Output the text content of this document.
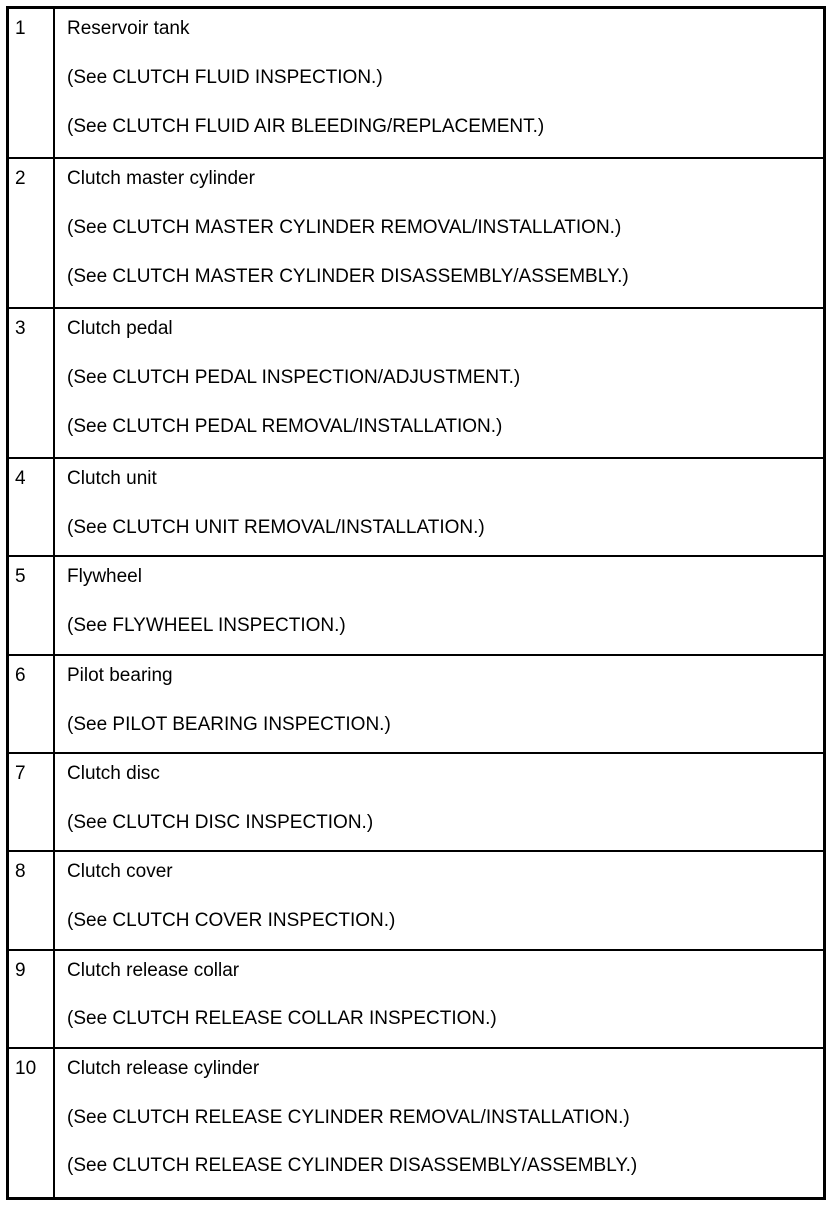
1	Reservoir tank
(See CLUTCH FLUID INSPECTION.)
(See CLUTCH FLUID AIR BLEEDING/REPLACEMENT.)

2	Clutch master cylinder
(See CLUTCH MASTER CYLINDER REMOVAL/INSTALLATION.)
(See CLUTCH MASTER CYLINDER DISASSEMBLY/ASSEMBLY.)

3	Clutch pedal
(See CLUTCH PEDAL INSPECTION/ADJUSTMENT.)
(See CLUTCH PEDAL REMOVAL/INSTALLATION.)

4	Clutch unit
(See CLUTCH UNIT REMOVAL/INSTALLATION.)

5	Flywheel
(See FLYWHEEL INSPECTION.)

6	Pilot bearing
(See PILOT BEARING INSPECTION.)

7	Clutch disc
(See CLUTCH DISC INSPECTION.)

8	Clutch cover
(See CLUTCH COVER INSPECTION.)

9	Clutch release collar
(See CLUTCH RELEASE COLLAR INSPECTION.)

10	Clutch release cylinder
(See CLUTCH RELEASE CYLINDER REMOVAL/INSTALLATION.)
(See CLUTCH RELEASE CYLINDER DISASSEMBLY/ASSEMBLY.)
